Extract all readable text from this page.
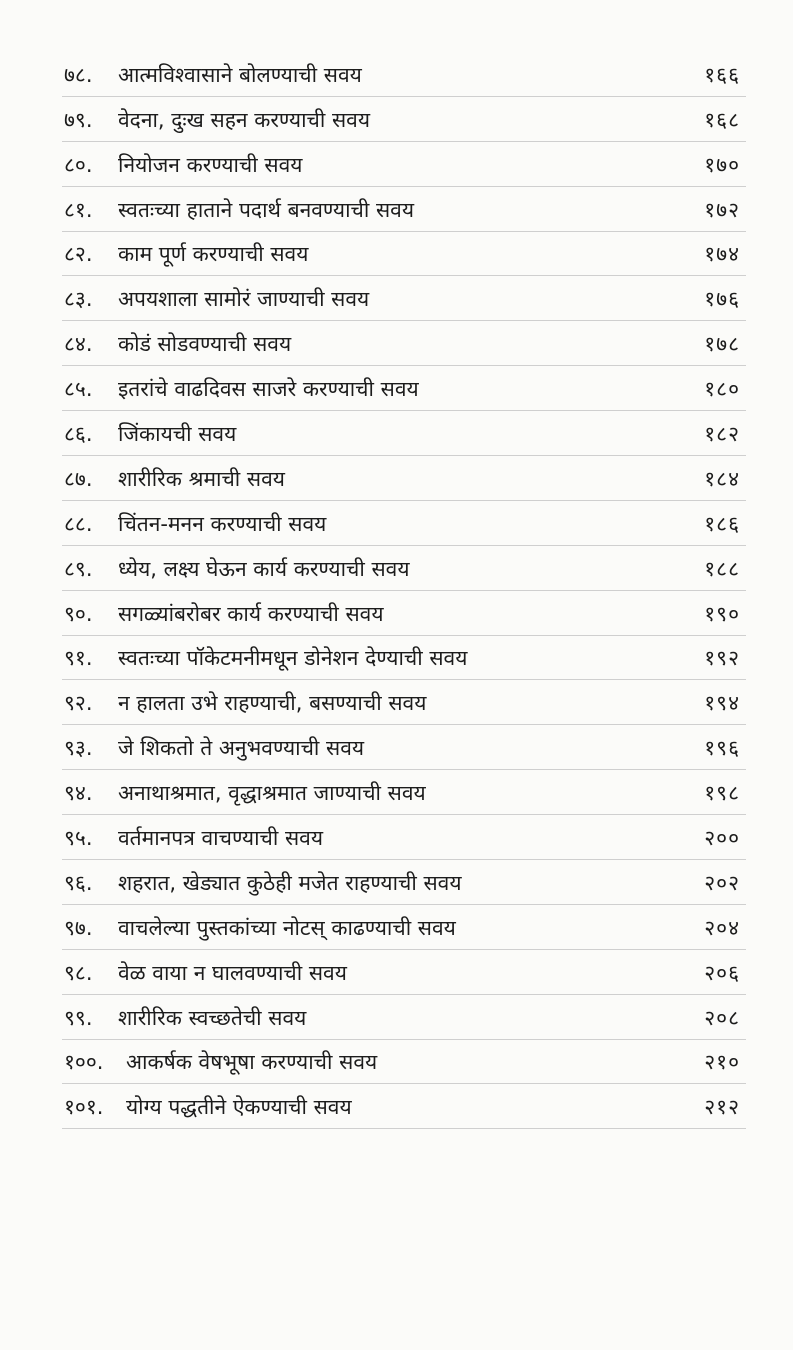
७८. आत्मविश्वासाने बोलण्याची सवय	१६६
७९. वेदना, दुःख सहन करण्याची सवय	१६८
८०. नियोजन करण्याची सवय	१७०
८१. स्वतःच्या हाताने पदार्थ बनवण्याची सवय	१७२
८२. काम पूर्ण करण्याची सवय	१७४
८३. अपयशाला सामोरं जाण्याची सवय	१७६
८४. कोडं सोडवण्याची सवय	१७८
८५. इतरांचे वाढदिवस साजरे करण्याची सवय	१८०
८६. जिंकायची सवय	१८२
८७. शारीरिक श्रमाची सवय	१८४
८८. चिंतन-मनन करण्याची सवय	१८६
८९. ध्येय, लक्ष्य घेऊन कार्य करण्याची सवय	१८८
९०. सगळ्यांबरोबर कार्य करण्याची सवय	१९०
९१. स्वतःच्या पॉकेटमनीमधून डोनेशन देण्याची सवय	१९२
९२. न हालता उभे राहण्याची, बसण्याची सवय	१९४
९३. जे शिकतो ते अनुभवण्याची सवय	१९६
९४. अनाथाश्रमात, वृद्धाश्रमात जाण्याची सवय	१९८
९५. वर्तमानपत्र वाचण्याची सवय	२००
९६. शहरात, खेड्यात कुठेही मजेत राहण्याची सवय	२०२
९७. वाचलेल्या पुस्तकांच्या नोटस् काढण्याची सवय	२०४
९८. वेळ वाया न घालवण्याची सवय	२०६
९९. शारीरिक स्वच्छतेची सवय	२०८
१००. आकर्षक वेषभूषा करण्याची सवय	२१०
१०१. योग्य पद्धतीने ऐकण्याची सवय	२१२
